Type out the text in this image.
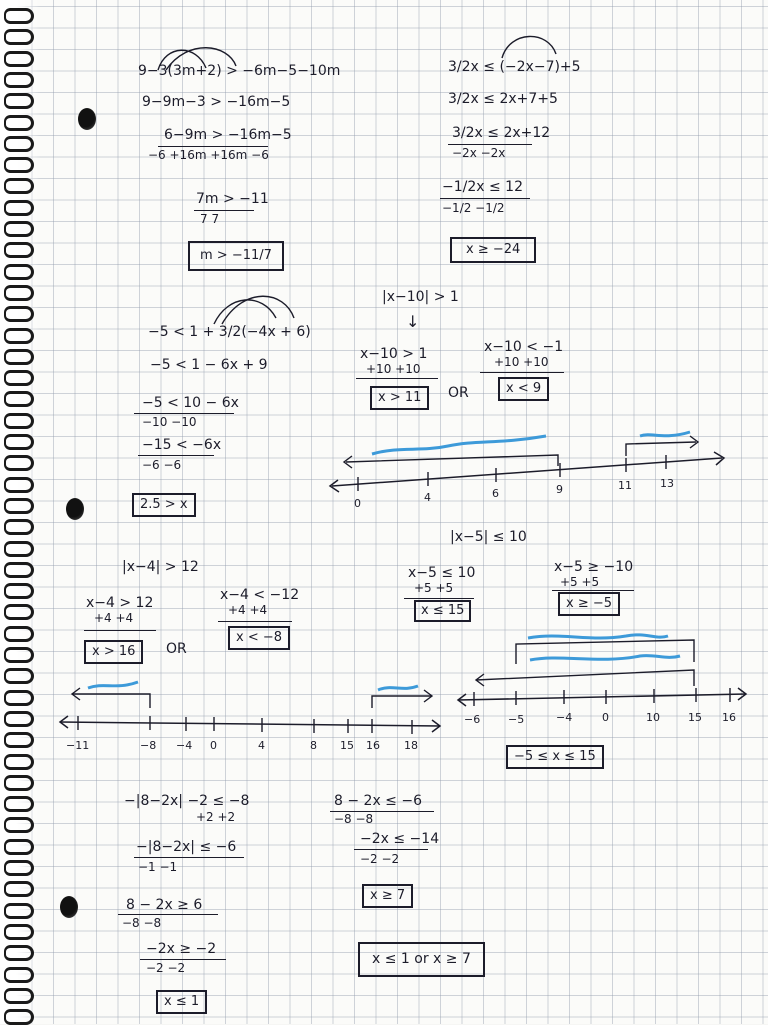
9−3(3m+2) > −6m−5−10m
9−9m−3 > −16m−5
6−9m > −16m−5
−6 +16m +16m −6
7m > −11
7 7
m > −11/7
3/2x ≤ (−2x−7)+5
3/2x ≤ 2x+7+5
3/2x ≤ 2x+12
−2x −2x
−1/2x ≤ 12
−1/2 −1/2
x ≥ −24
−5 < 1 + 3/2(−4x + 6)
−5 < 1 − 6x + 9
−5 < 10 − 6x
−10 −10
−15 < −6x
−6 −6
2.5 > x
|x−10| > 1
↓
x−10 > 1
+10 +10
x > 11	OR
x−10 < −1
+10 +10
x < 9
|x−4| > 12
x−4 > 12
+4 +4
x > 16	OR
x−4 < −12
+4 +4
x < −8
|x−5| ≤ 10
x−5 ≤ 10
+5 +5
x ≤ 15
x−5 ≥ −10
+5 +5
x ≥ −5
−5 ≤ x ≤ 15
−|8−2x| −2 ≤ −8
+2 +2
−|8−2x| ≤ −6
−1 −1
8 − 2x ≥ 6
−8 −8
−2x ≥ −2
−2 −2
x ≤ 1
8 − 2x ≤ −6
−8 −8
−2x ≤ −14
−2 −2
x ≥ 7
x ≤ 1 or x ≥ 7
0	4	6	9	11	13
−11	−8 −4 0	4	8 15 16 18
−6	−5	−4	0	10	15 16
